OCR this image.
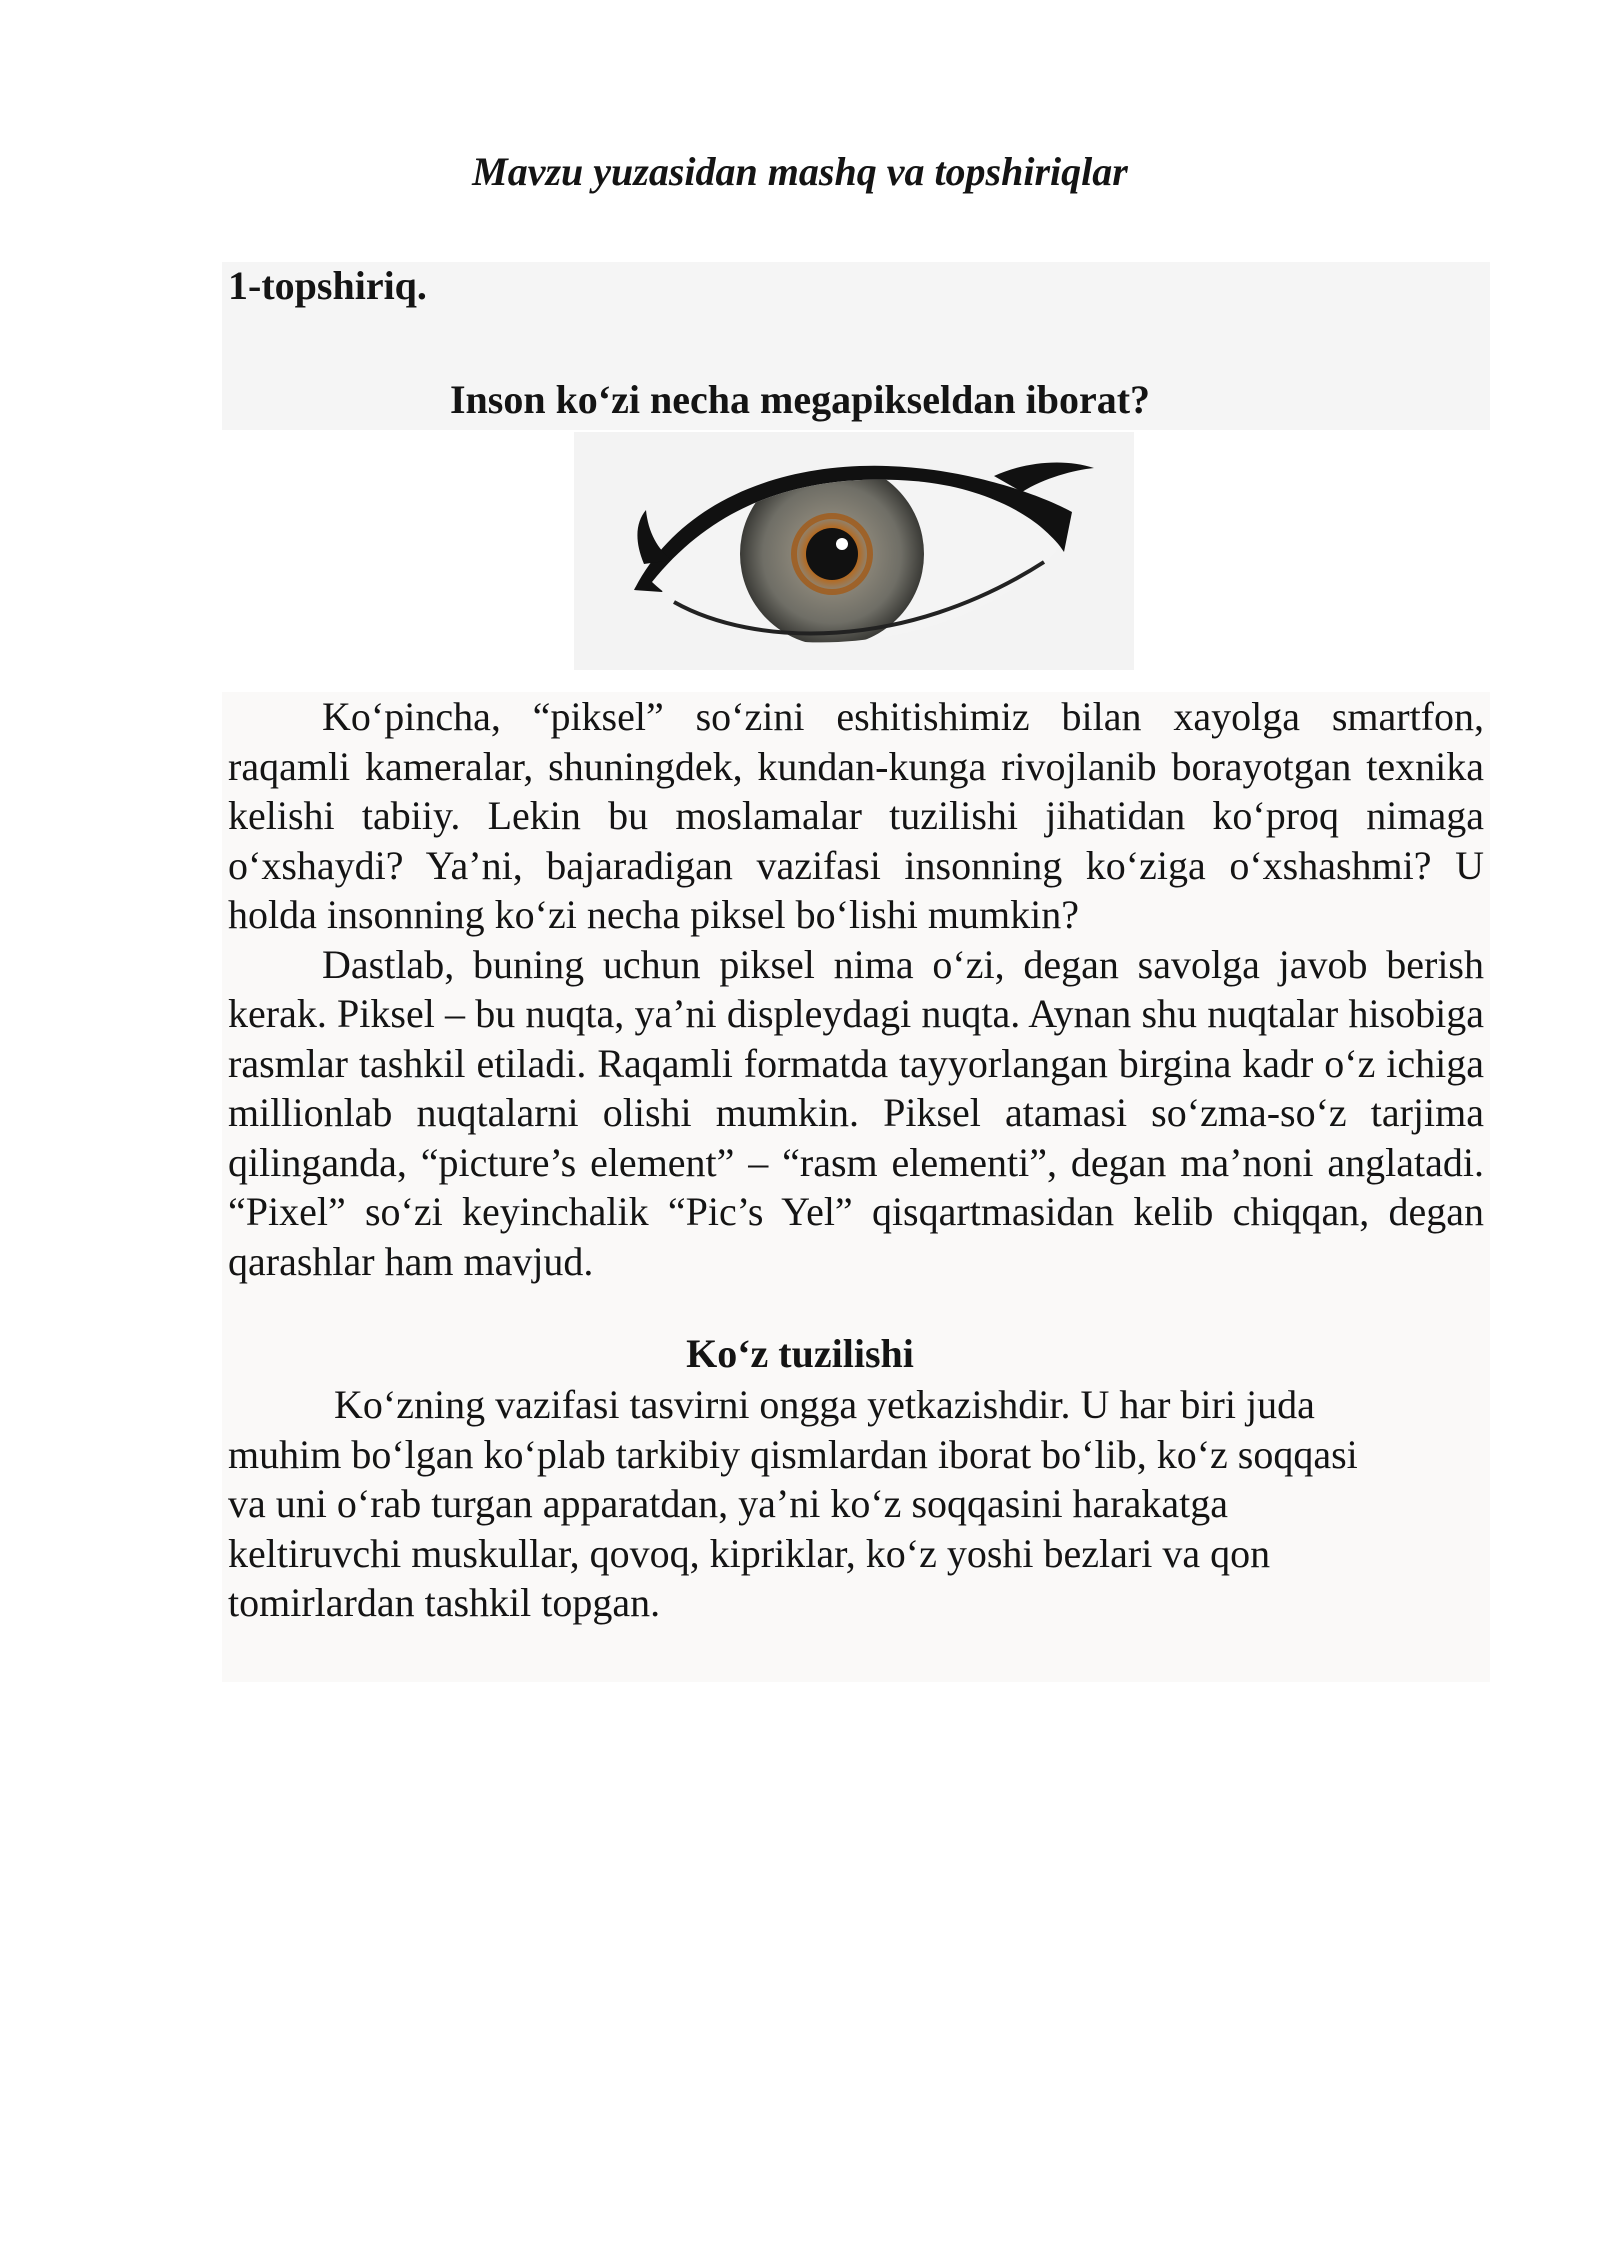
Mavzu yuzasidan mashq va topshiriqlar

1-topshiriq.

Inson ko‘zi necha megapikseldan iborat?

Ko‘pincha, “piksel” so‘zini eshitishimiz bilan xayolga smartfon, raqamli kameralar, shuningdek, kundan-kunga rivojlanib borayotgan texnika kelishi tabiiy. Lekin bu moslamalar tuzilishi jihatidan ko‘proq nimaga o‘xshaydi? Ya’ni, bajaradigan vazifasi insonning ko‘ziga o‘xshashmi? U holda insonning ko‘zi necha piksel bo‘lishi mumkin?

Dastlab, buning uchun piksel nima o‘zi, degan savolga javob berish kerak. Piksel – bu nuqta, ya’ni displeydagi nuqta. Aynan shu nuqtalar hisobiga rasmlar tashkil etiladi. Raqamli formatda tayyorlangan birgina kadr o‘z ichiga millionlab nuqtalarni olishi mumkin. Piksel atamasi so‘zma-so‘z tarjima qilinganda, “picture’s element” – “rasm elementi”, degan ma’noni anglatadi. “Pixel” so‘zi keyinchalik “Pic’s Yel” qisqartmasidan kelib chiqqan, degan qarashlar ham mavjud.

Ko‘z tuzilishi

Ko‘zning vazifasi tasvirni ongga yetkazishdir. U har biri juda

muhim bo‘lgan ko‘plab tarkibiy qismlardan iborat bo‘lib, ko‘z soqqasi

va uni o‘rab turgan apparatdan, ya’ni ko‘z soqqasini harakatga

keltiruvchi muskullar, qovoq, kipriklar, ko‘z yoshi bezlari va qon

tomirlardan tashkil topgan.
